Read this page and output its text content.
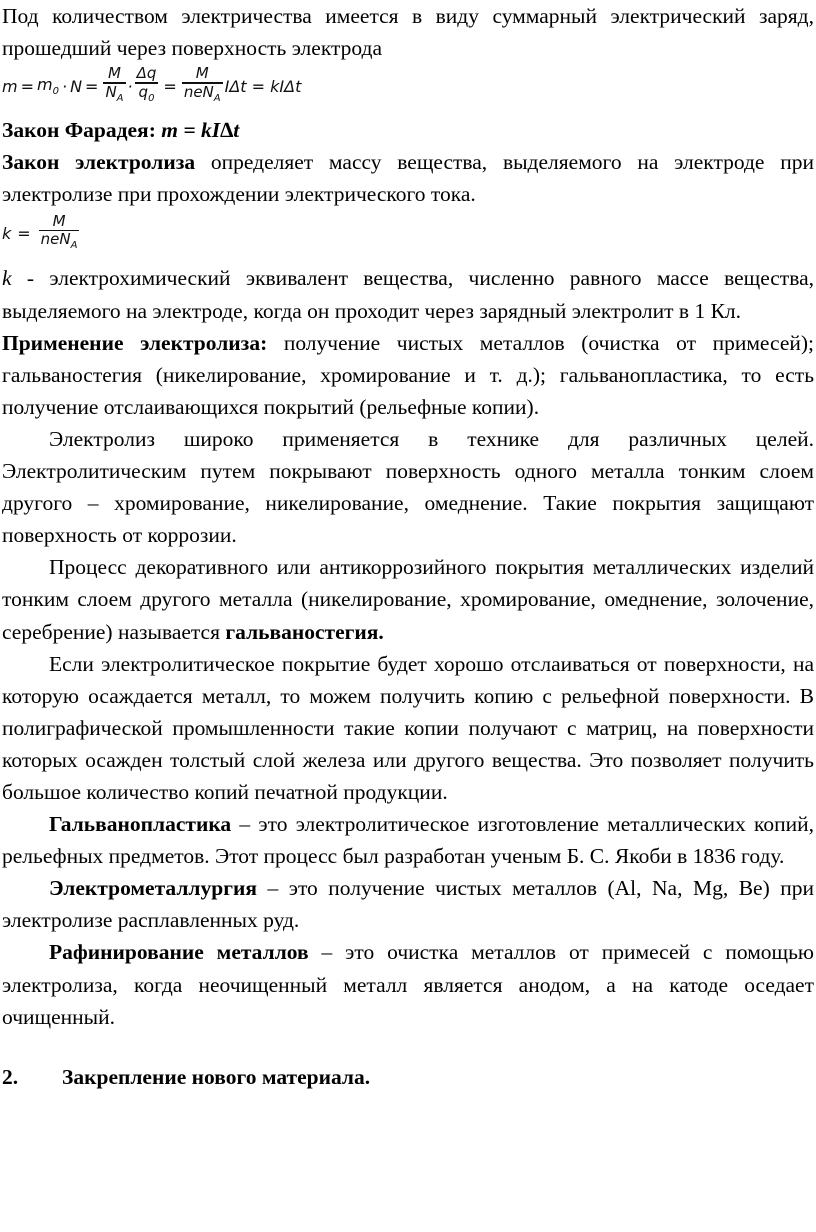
Под количеством электричества имеется в виду суммарный электрический заряд, прошедший через поверхность электрода

$m = m_0 \cdot N = \frac{M}{N_A} \cdot \frac{\Delta q}{q_0} = \frac{M}{neN_A}$ IΔt = kIΔt

Закон Фарадея: m = kI∆t

Закон электролиза определяет массу вещества, выделяемого на электроде при электролизе при прохождении электрического тока.

$k = \frac{M}{neN_A}$

k - электрохимический эквивалент вещества, численно равного массе вещества, выделяемого на электроде, когда он проходит через зарядный электролит в 1 Кл.

Применение электролиза: получение чистых металлов (очистка от примесей); гальваностегия (никелирование, хромирование и т. д.); гальванопластика, то есть получение отслаивающихся покрытий (рельефные копии).

Электролиз широко применяется в технике для различных целей. Электролитическим путем покрывают поверхность одного металла тонким слоем другого – хромирование, никелирование, омеднение. Такие покрытия защищают поверхность от коррозии.

Процесс декоративного или антикоррозийного покрытия металлических изделий тонким слоем другого металла (никелирование, хромирование, омеднение, золочение, серебрение) называется гальваностегия.

Если электролитическое покрытие будет хорошо отслаиваться от поверхности, на которую осаждается металл, то можем получить копию с рельефной поверхности. В полиграфической промышленности такие копии получают с матриц, на поверхности которых осажден толстый слой железа или другого вещества. Это позволяет получить большое количество копий печатной продукции.

Гальванопластика – это электролитическое изготовление металлических копий, рельефных предметов. Этот процесс был разработан ученым Б. С. Якоби в 1836 году.

Электрометаллургия – это получение чистых металлов (Al, Na, Mg, Be) при электролизе расплавленных руд.

Рафинирование металлов – это очистка металлов от примесей с помощью электролиза, когда неочищенный металл является анодом, а на катоде оседает очищенный.

2. Закрепление нового материала.
